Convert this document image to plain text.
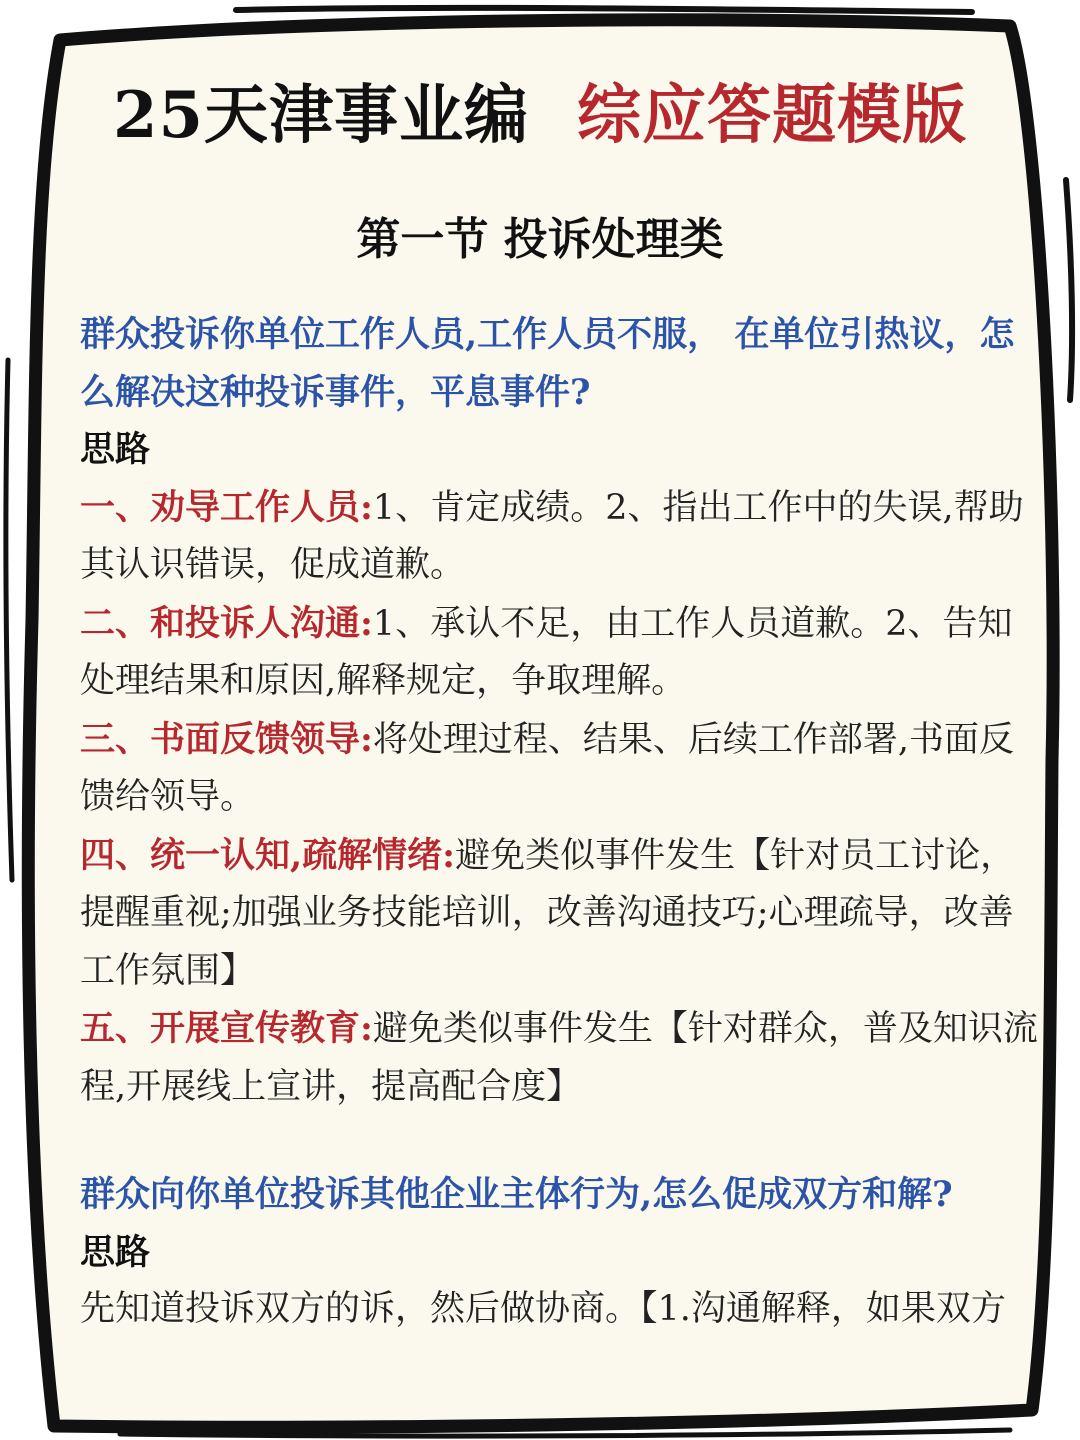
25天津事业编 综应答题模版
第一节 投诉处理类

群众投诉你单位工作人员,工作人员不服， 在单位引热议，怎么解决这种投诉事件，平息事件?

思路

一、劝导工作人员:1、肯定成绩。2、指出工作中的失误,帮助其认识错误，促成道歉。

二、和投诉人沟通:1、承认不足，由工作人员道歉。2、告知处理结果和原因,解释规定，争取理解。

三、书面反馈领导:将处理过程、结果、后续工作部署,书面反馈给领导。

四、统一认知,疏解情绪:避免类似事件发生【针对员工讨论，提醒重视;加强业务技能培训，改善沟通技巧;心理疏导，改善工作氛围】

五、开展宣传教育:避免类似事件发生【针对群众，普及知识流程,开展线上宣讲，提高配合度】

群众向你单位投诉其他企业主体行为,怎么促成双方和解?

思路

先知道投诉双方的诉，然后做协商。【1.沟通解释，如果双方
